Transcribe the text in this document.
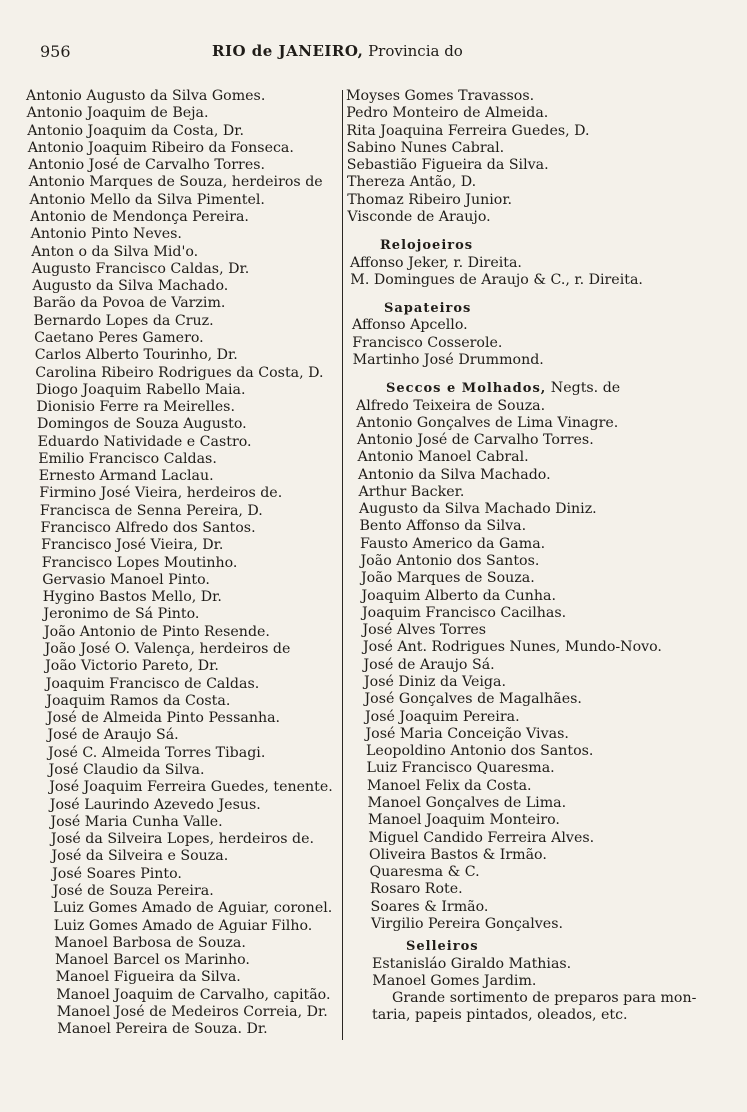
956	RIO de JANEIRO, Provincia do
Antonio Augusto da Silva Gomes.
Antonio Joaquim de Beja.
Antonio Joaquim da Costa, Dr.
Antonio Joaquim Ribeiro da Fonseca.
Antonio José de Carvalho Torres.
Antonio Marques de Souza, herdeiros de
Antonio Mello da Silva Pimentel.
Antonio de Mendonça Pereira.
Antonio Pinto Neves.
Anton o da Silva Mid'o.
Augusto Francisco Caldas, Dr.
Augusto da Silva Machado.
Barão da Povoa de Varzim.
Bernardo Lopes da Cruz.
Caetano Peres Gamero.
Carlos Alberto Tourinho, Dr.
Carolina Ribeiro Rodrigues da Costa, D.
Diogo Joaquim Rabello Maia.
Dionisio Ferre ra Meirelles.
Domingos de Souza Augusto.
Eduardo Natividade e Castro.
Emilio Francisco Caldas.
Ernesto Armand Laclau.
Firmino José Vieira, herdeiros de.
Francisca de Senna Pereira, D.
Francisco Alfredo dos Santos.
Francisco José Vieira, Dr.
Francisco Lopes Moutinho.
Gervasio Manoel Pinto.
Hygino Bastos Mello, Dr.
Jeronimo de Sá Pinto.
João Antonio de Pinto Resende.
João José O. Valença, herdeiros de
João Victorio Pareto, Dr.
Joaquim Francisco de Caldas.
Joaquim Ramos da Costa.
José de Almeida Pinto Pessanha.
José de Araujo Sá.
José C. Almeida Torres Tibagi.
José Claudio da Silva.
José Joaquim Ferreira Guedes, tenente.
José Laurindo Azevedo Jesus.
José Maria Cunha Valle.
José da Silveira Lopes, herdeiros de.
José da Silveira e Souza.
José Soares Pinto.
José de Souza Pereira.
Luiz Gomes Amado de Aguiar, coronel.
Luiz Gomes Amado de Aguiar Filho.
Manoel Barbosa de Souza.
Manoel Barcel os Marinho.
Manoel Figueira da Silva.
Manoel Joaquim de Carvalho, capitão.
Manoel José de Medeiros Correia, Dr.
Manoel Pereira de Souza. Dr.
Moyses Gomes Travassos.
Pedro Monteiro de Almeida.
Rita Joaquina Ferreira Guedes, D.
Sabino Nunes Cabral.
Sebastião Figueira da Silva.
Thereza Antão, D.
Thomaz Ribeiro Junior.
Visconde de Araujo.
Relojoeiros
Affonso Jeker, r. Direita.
M. Domingues de Araujo & C., r. Direita.
Sapateiros
Affonso Apcello.
Francisco Cosserole.
Martinho José Drummond.
Seccos e Molhados, Negts. de
Alfredo Teixeira de Souza.
Antonio Gonçalves de Lima Vinagre.
Antonio José de Carvalho Torres.
Antonio Manoel Cabral.
Antonio da Silva Machado.
Arthur Backer.
Augusto da Silva Machado Diniz.
Bento Affonso da Silva.
Fausto Americo da Gama.
João Antonio dos Santos.
João Marques de Souza.
Joaquim Alberto da Cunha.
Joaquim Francisco Cacilhas.
José Alves Torres
José Ant. Rodrigues Nunes, Mundo-Novo.
José de Araujo Sá.
José Diniz da Veiga.
José Gonçalves de Magalhães.
José Joaquim Pereira.
José Maria Conceição Vivas.
Leopoldino Antonio dos Santos.
Luiz Francisco Quaresma.
Manoel Felix da Costa.
Manoel Gonçalves de Lima.
Manoel Joaquim Monteiro.
Miguel Candido Ferreira Alves.
Oliveira Bastos & Irmão.
Quaresma & C.
Rosaro Rote.
Soares & Irmão.
Virgilio Pereira Gonçalves.
Selleiros
Estanisláo Giraldo Mathias.
Manoel Gomes Jardim.
Grande sortimento de preparos para mon-
taria, papeis pintados, oleados, etc.
